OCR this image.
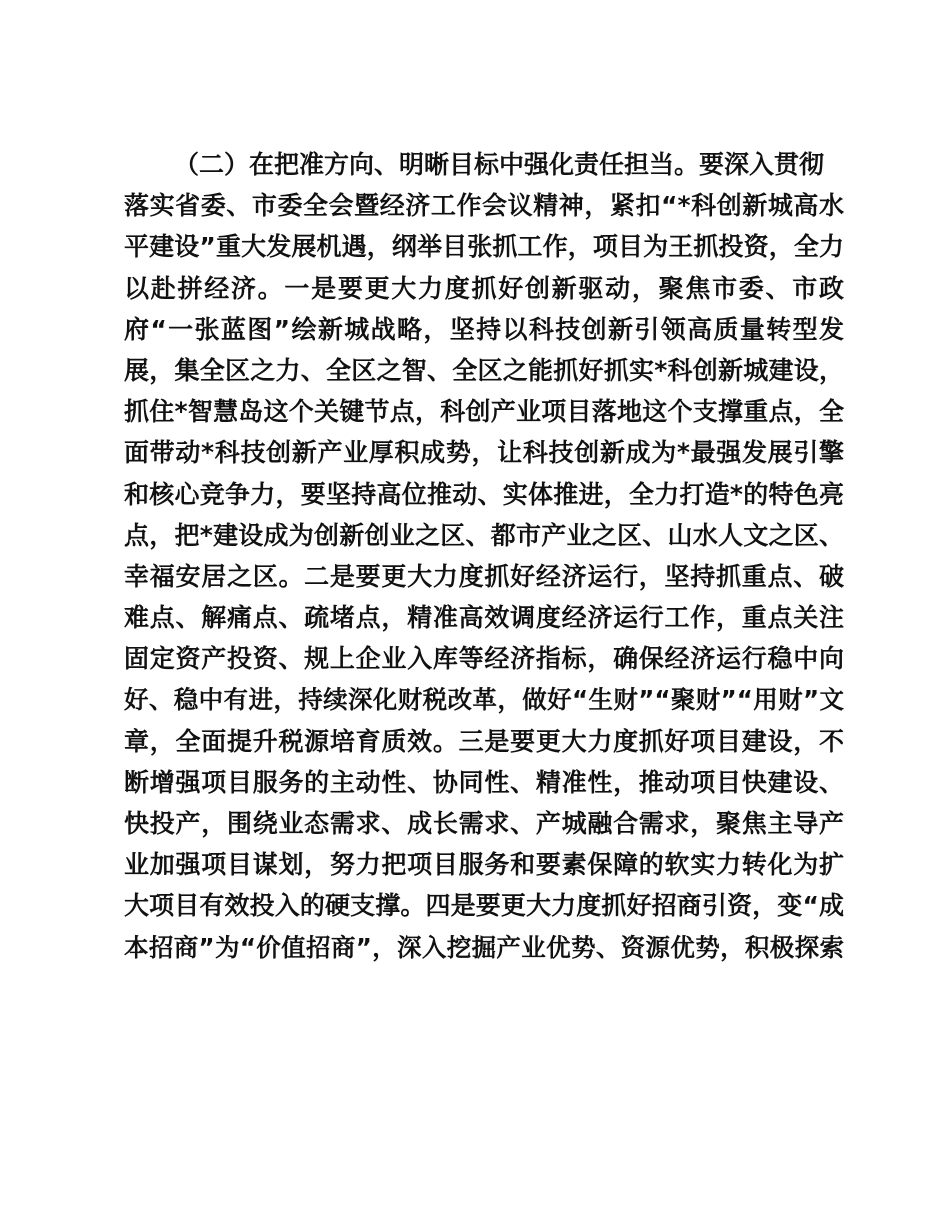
（二）在把准方向、明晰目标中强化责任担当。要深入贯彻
落实省委、市委全会暨经济工作会议精神，紧扣“*科创新城高水
平建设”重大发展机遇，纲举目张抓工作，项目为王抓投资，全力
以赴拼经济。一是要更大力度抓好创新驱动，聚焦市委、市政
府“一张蓝图”绘新城战略，坚持以科技创新引领高质量转型发
展，集全区之力、全区之智、全区之能抓好抓实*科创新城建设，
抓住*智慧岛这个关键节点，科创产业项目落地这个支撑重点，全
面带动*科技创新产业厚积成势，让科技创新成为*最强发展引擎
和核心竞争力，要坚持高位推动、实体推进，全力打造*的特色亮
点，把*建设成为创新创业之区、都市产业之区、山水人文之区、
幸福安居之区。二是要更大力度抓好经济运行，坚持抓重点、破
难点、解痛点、疏堵点，精准高效调度经济运行工作，重点关注
固定资产投资、规上企业入库等经济指标，确保经济运行稳中向
好、稳中有进，持续深化财税改革，做好“生财”“聚财”“用财”文
章，全面提升税源培育质效。三是要更大力度抓好项目建设，不
断增强项目服务的主动性、协同性、精准性，推动项目快建设、
快投产，围绕业态需求、成长需求、产城融合需求，聚焦主导产
业加强项目谋划，努力把项目服务和要素保障的软实力转化为扩
大项目有效投入的硬支撑。四是要更大力度抓好招商引资，变“成
本招商”为“价值招商”，深入挖掘产业优势、资源优势，积极探索
